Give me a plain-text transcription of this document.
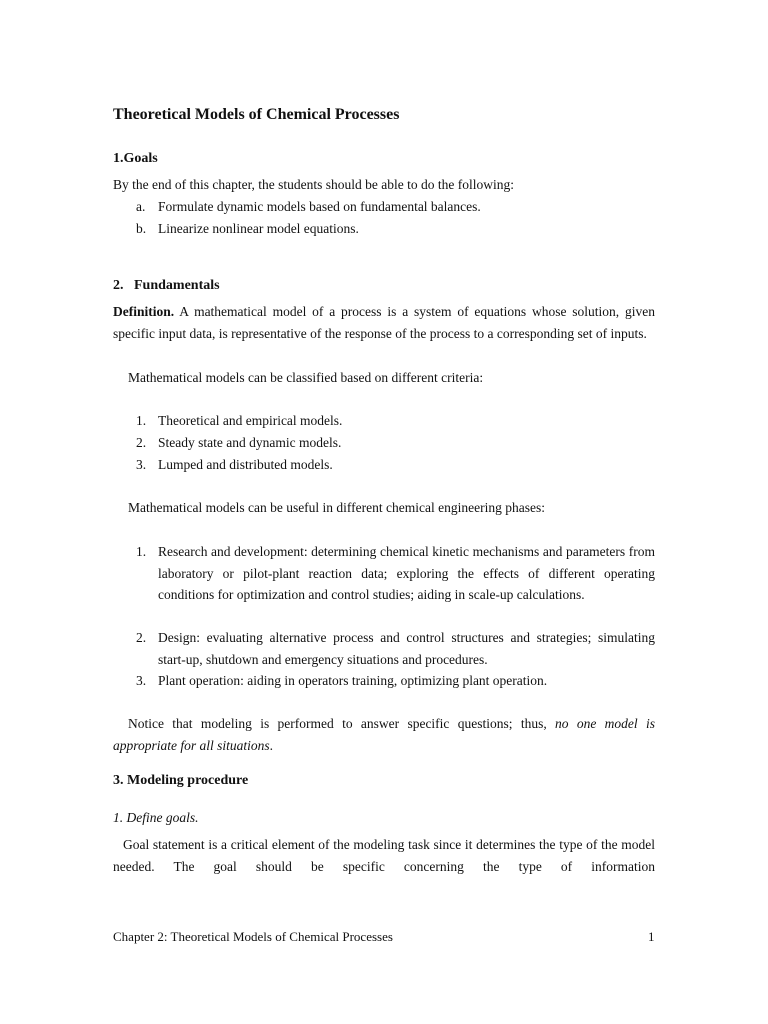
Theoretical Models of Chemical Processes
1.Goals
By the end of this chapter, the students should be able to do the following:
a. Formulate dynamic models based on fundamental balances.
b. Linearize nonlinear model equations.
2.   Fundamentals
Definition. A mathematical model of a process is a system of equations whose solution, given specific input data, is representative of the response of the process to a corresponding set of inputs.
Mathematical models can be classified based on different criteria:
1. Theoretical and empirical models.
2. Steady state and dynamic models.
3. Lumped and distributed models.
Mathematical models can be useful in different chemical engineering phases:
1. Research and development: determining chemical kinetic mechanisms and parameters from laboratory or pilot-plant reaction data; exploring the effects of different operating conditions for optimization and control studies; aiding in scale-up calculations.
2. Design: evaluating alternative process and control structures and strategies; simulating start-up, shutdown and emergency situations and procedures.
3. Plant operation: aiding in operators training, optimizing plant operation.
Notice that modeling is performed to answer specific questions; thus, no one model is appropriate for all situations.
3. Modeling procedure
1. Define goals.
Goal statement is a critical element of the modeling task since it determines the type of the model needed. The goal should be specific concerning the type of information
Chapter 2: Theoretical Models of Chemical Processes	1
